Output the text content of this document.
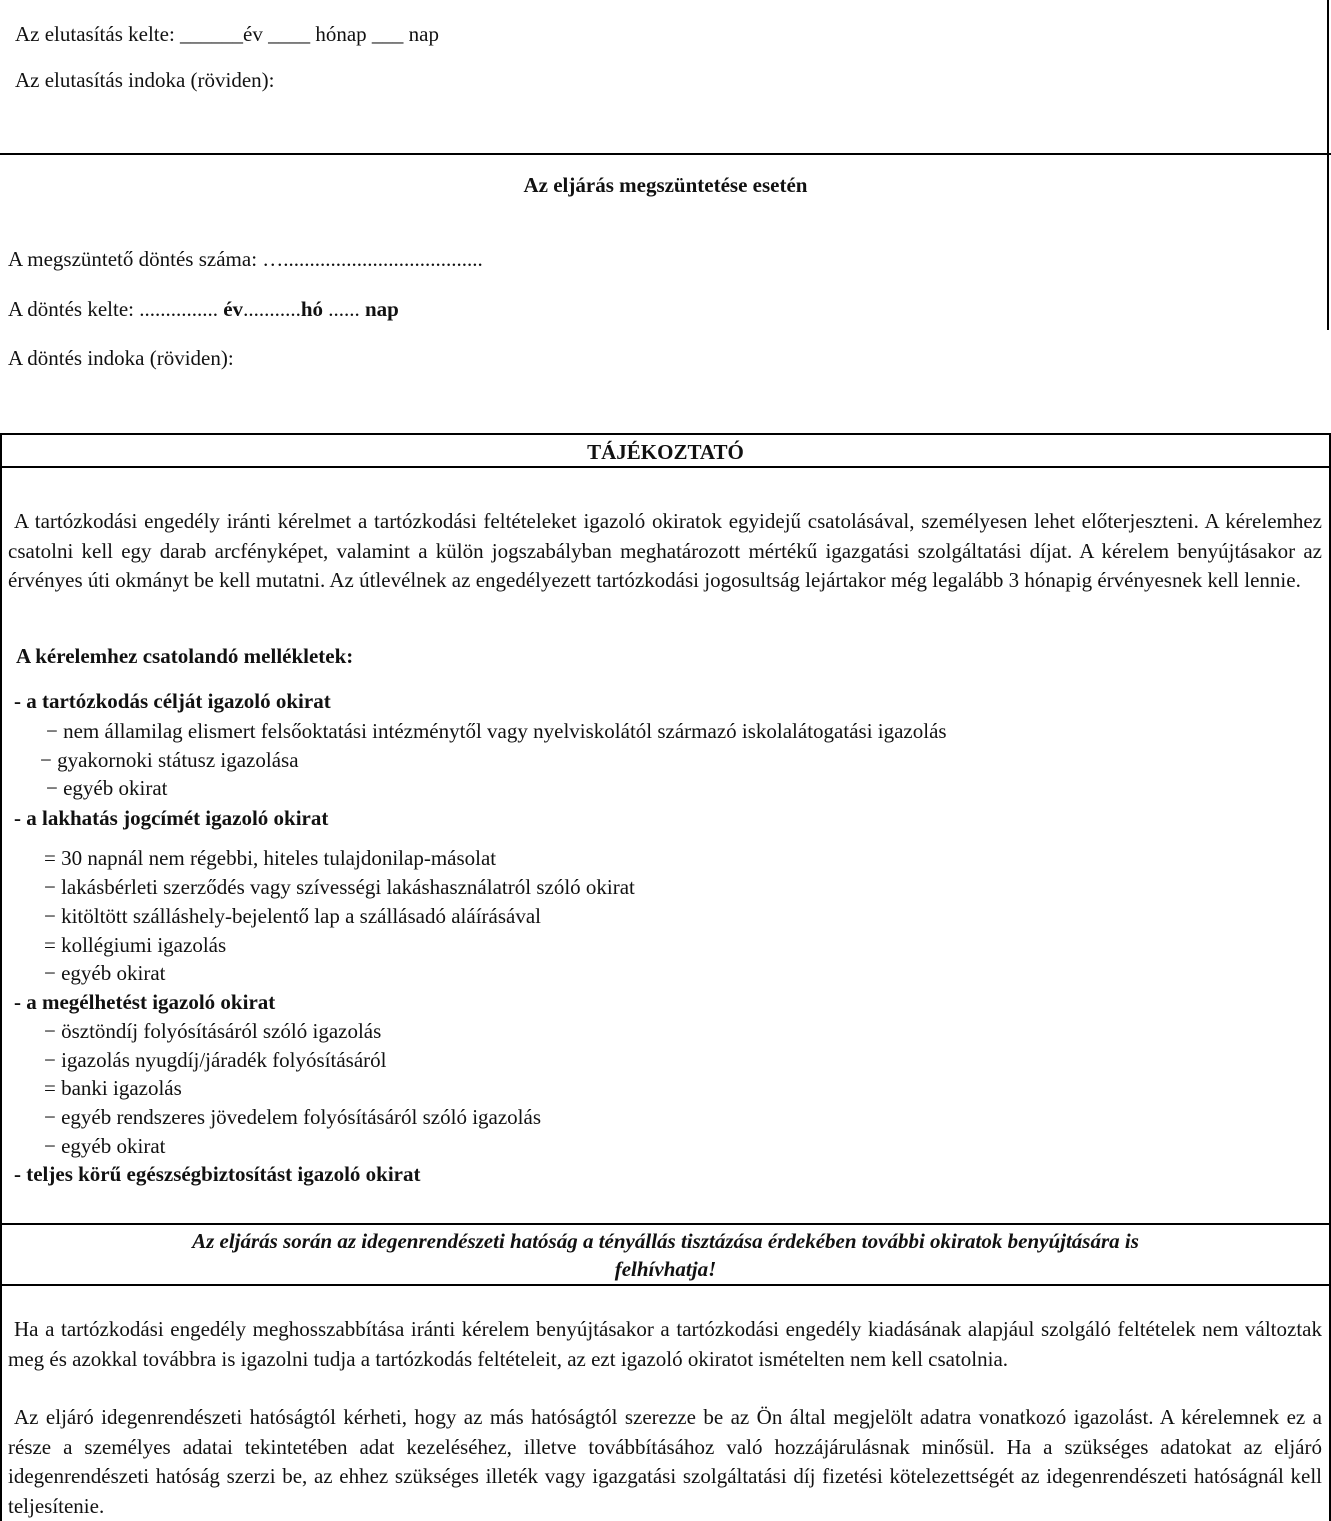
Az elutasítás kelte: ______év ____ hónap ___ nap
Az elutasítás indoka (röviden):
Az eljárás megszüntetése esetén
A megszüntető döntés száma: …......................................
A döntés kelte: ............... év...........hó ...... nap
A döntés indoka (röviden):
TÁJÉKOZTATÓ
A tartózkodási engedély iránti kérelmet a tartózkodási feltételeket igazoló okiratok egyidejű csatolásával, személyesen lehet előterjeszteni. A kérelemhez csatolni kell egy darab arcfényképet, valamint a külön jogszabályban meghatározott mértékű igazgatási szolgáltatási díjat. A kérelem benyújtásakor az érvényes úti okmányt be kell mutatni. Az útlevélnek az engedélyezett tartózkodási jogosultság lejártakor még legalább 3 hónapig érvényesnek kell lennie.
A kérelemhez csatolandó mellékletek:
- a tartózkodás célját igazoló okirat
− nem államilag elismert felsőoktatási intézménytől vagy nyelviskolától származó iskolalátogatási igazolás
− gyakornoki státusz igazolása
− egyéb okirat
- a lakhatás jogcímét igazoló okirat
= 30 napnál nem régebbi, hiteles tulajdonilap-másolat
− lakásbérleti szerződés vagy szívességi lakáshasználatról szóló okirat
− kitöltött szálláshely-bejelentő lap a szállásadó aláírásával
= kollégiumi igazolás
− egyéb okirat
- a megélhetést igazoló okirat
− ösztöndíj folyósításáról szóló igazolás
− igazolás nyugdíj/járadék folyósításáról
= banki igazolás
− egyéb rendszeres jövedelem folyósításáról szóló igazolás
− egyéb okirat
- teljes körű egészségbiztosítást igazoló okirat
Az eljárás során az idegenrendészeti hatóság a tényállás tisztázása érdekében további okiratok benyújtására is
felhívhatja!
Ha a tartózkodási engedély meghosszabbítása iránti kérelem benyújtásakor a tartózkodási engedély kiadásának alapjául szolgáló feltételek nem változtak meg és azokkal továbbra is igazolni tudja a tartózkodás feltételeit, az ezt igazoló okiratot ismételten nem kell csatolnia.
Az eljáró idegenrendészeti hatóságtól kérheti, hogy az más hatóságtól szerezze be az Ön által megjelölt adatra vonatkozó igazolást. A kérelemnek ez a része a személyes adatai tekintetében adat kezeléséhez, illetve továbbításához való hozzájárulásnak minősül. Ha a szükséges adatokat az eljáró idegenrendészeti hatóság szerzi be, az ehhez szükséges illeték vagy igazgatási szolgáltatási díj fizetési kötelezettségét az idegenrendészeti hatóságnál kell teljesítenie.
